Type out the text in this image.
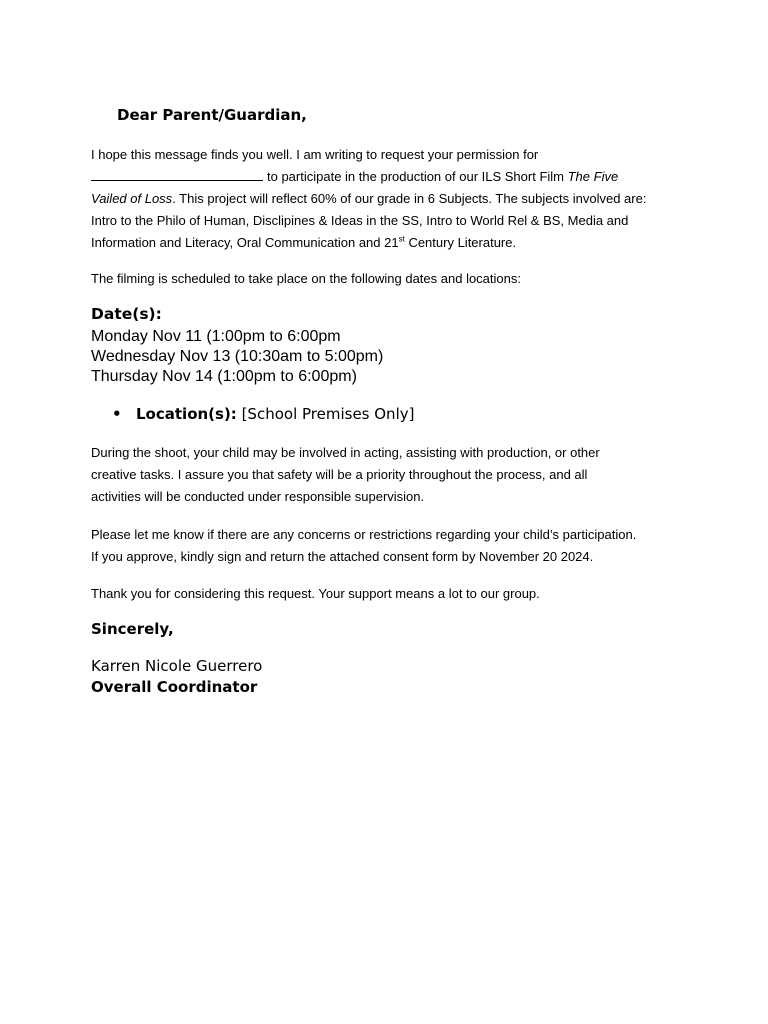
Dear Parent/Guardian,
I hope this message finds you well. I am writing to request your permission for
to participate in the production of our ILS Short Film The Five
Vailed of Loss. This project will reflect 60% of our grade in 6 Subjects. The subjects involved are:
Intro to the Philo of Human, Disclipines & Ideas in the SS, Intro to World Rel & BS, Media and
Information and Literacy, Oral Communication and 21st Century Literature.
The filming is scheduled to take place on the following dates and locations:
Date(s):
Monday Nov 11 (1:00pm to 6:00pm
Wednesday Nov 13 (10:30am to 5:00pm)
Thursday Nov 14 (1:00pm to 6:00pm)
• Location(s): [School Premises Only]
During the shoot, your child may be involved in acting, assisting with production, or other
creative tasks. I assure you that safety will be a priority throughout the process, and all
activities will be conducted under responsible supervision.
Please let me know if there are any concerns or restrictions regarding your child’s participation.
If you approve, kindly sign and return the attached consent form by November 20 2024.
Thank you for considering this request. Your support means a lot to our group.
Sincerely,
Karren Nicole Guerrero
Overall Coordinator
